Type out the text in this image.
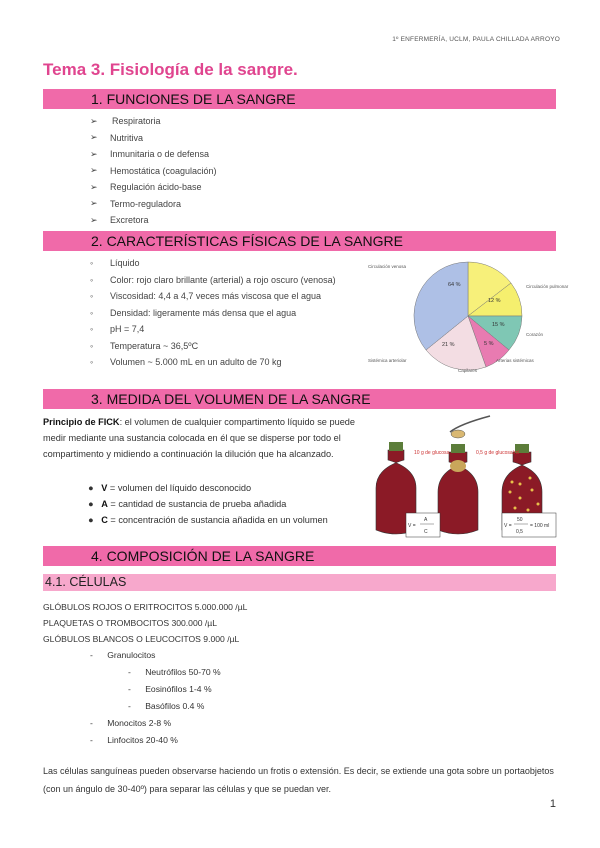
1º ENFERMERÍA, UCLM, PAULA CHILLADA ARROYO
Tema 3. Fisiología de la sangre.
1. FUNCIONES DE LA SANGRE
➢	Respiratoria
➢	Nutritiva
➢	Inmunitaria o de defensa
➢	Hemostática (coagulación)
➢	Regulación ácido-base
➢	Termo-reguladora
➢	Excretora
2. CARACTERÍSTICAS FÍSICAS DE LA SANGRE
◦	Líquido
◦	Color: rojo claro brillante (arterial) a rojo oscuro (venosa)
◦	Viscosidad: 4,4 a 4,7 veces más viscosa que el agua
◦	Densidad: ligeramente más densa que el agua
◦	pH = 7,4
◦	Temperatura ~ 36,5ºC
◦	Volumen ~ 5.000 mL en un adulto de 70 kg
64 %
12 %
15 %
5 %
21 %
Circulación venosa
Circulación pulmonar
Corazón
Arterias sistémicas
Capilares
Sistémica arteriolar
3. MEDIDA DEL VOLUMEN DE LA SANGRE
Principio de FICK: el volumen de cualquier compartimento líquido se puede medir mediante una sustancia colocada en él que se disperse por todo el compartimento y midiendo a continuación la dilución que ha alcanzado.
●   V = volumen del líquido desconocido
●   A = cantidad de sustancia de prueba añadida
●   C = concentración de sustancia añadida en un volumen
10 g de glucosa	0,5 g de glucosa/ml
V =
A
C
V =
50
0,5
= 100 ml
4. COMPOSICIÓN DE LA SANGRE
4.1. CÉLULAS
GLÓBULOS ROJOS O ERITROCITOS 5.000.000 /µL
PLAQUETAS O TROMBOCITOS 300.000 /µL
GLÓBULOS BLANCOS O LEUCOCITOS 9.000 /µL
-      Granulocitos
-      Neutrófilos 50-70 %
-      Eosinófilos 1-4 %
-      Basófilos 0.4 %
-      Monocitos 2-8 %
-      Linfocitos 20-40 %
Las células sanguíneas pueden observarse haciendo un frotis o extensión. Es decir, se extiende una gota sobre un portaobjetos (con un ángulo de 30-40º) para separar las células y que se puedan ver.
1
